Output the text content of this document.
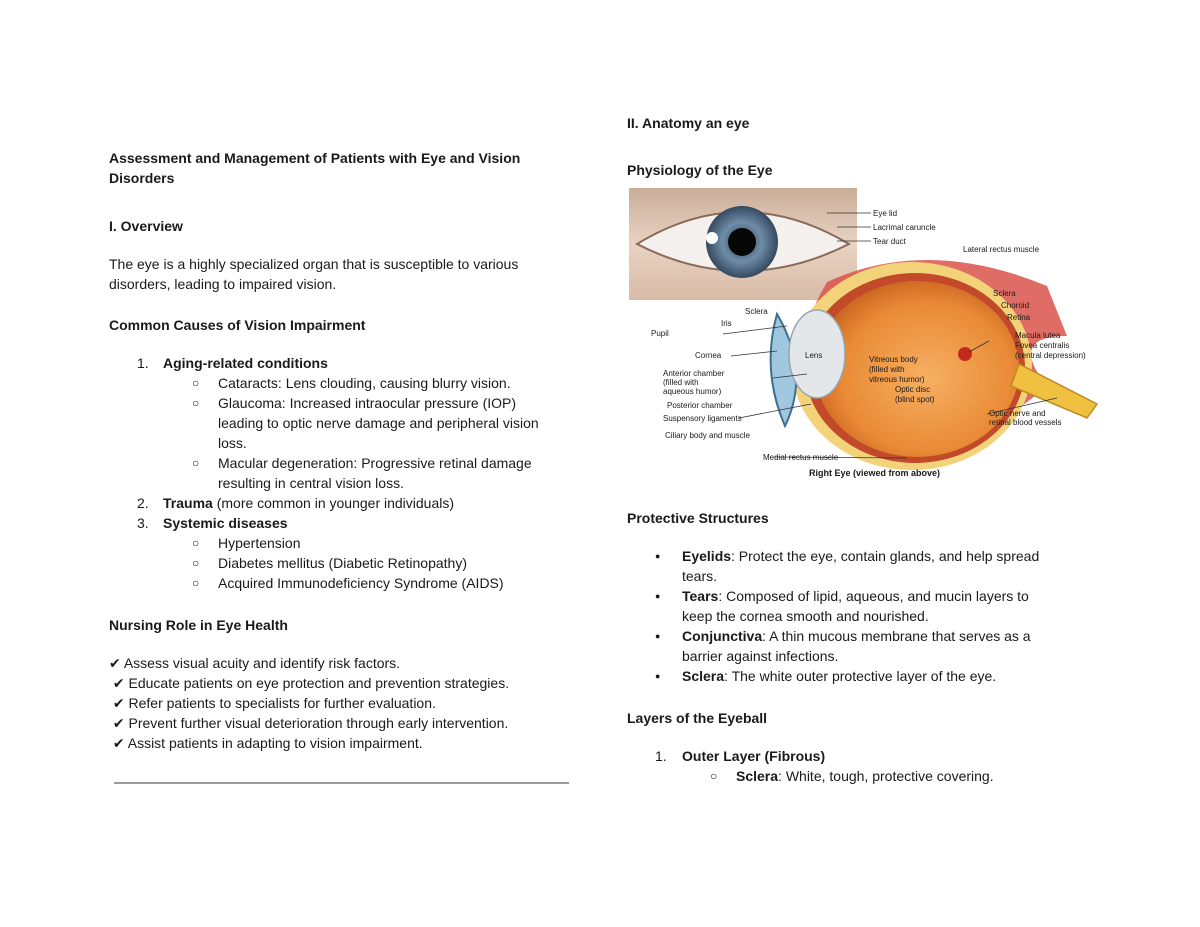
Assessment and Management of Patients with Eye and Vision
Disorders
I. Overview
The eye is a highly specialized organ that is susceptible to various
disorders, leading to impaired vision.
Common Causes of Vision Impairment
1. Aging-related conditions
○ Cataracts: Lens clouding, causing blurry vision.
○ Glaucoma: Increased intraocular pressure (IOP)
leading to optic nerve damage and peripheral vision
loss.
○ Macular degeneration: Progressive retinal damage
resulting in central vision loss.
2. Trauma (more common in younger individuals)
3. Systemic diseases
○ Hypertension
○ Diabetes mellitus (Diabetic Retinopathy)
○ Acquired Immunodeficiency Syndrome (AIDS)
Nursing Role in Eye Health
✔ Assess visual acuity and identify risk factors.
✔ Educate patients on eye protection and prevention strategies.
✔ Refer patients to specialists for further evaluation.
✔ Prevent further visual deterioration through early intervention.
✔ Assist patients in adapting to vision impairment.
II. Anatomy an eye
Physiology of the Eye
Eye lid
Lacrimal caruncle
Tear duct
Lateral rectus muscle
Sclera
Sclera
Choroid
Retina
Macula lutea
Fovea centralis
(central depression)
Pupil
Iris
Cornea	Lens	Vitreous body
(filled with
vitreous humor)
Anterior chamber
(filled with
aqueous humor)	Optic disc
(blind spot)
Posterior chamber
Suspensory ligaments
Ciliary body and muscle
Optic nerve and
retinal blood vessels
Medial rectus muscle
Right Eye (viewed from above)
Protective Structures
● Eyelids: Protect the eye, contain glands, and help spread
tears.
● Tears: Composed of lipid, aqueous, and mucin layers to
keep the cornea smooth and nourished.
● Conjunctiva: A thin mucous membrane that serves as a
barrier against infections.
● Sclera: The white outer protective layer of the eye.
Layers of the Eyeball
1. Outer Layer (Fibrous)
○ Sclera: White, tough, protective covering.
